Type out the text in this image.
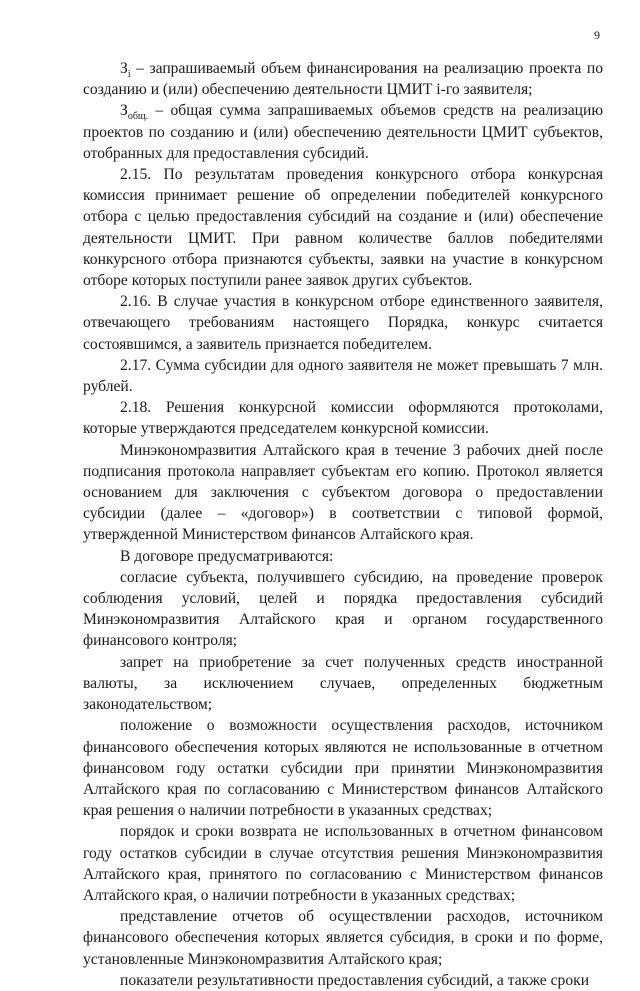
9

$З_i$ – запрашиваемый объем финансирования на реализацию проекта по созданию и (или) обеспечению деятельности ЦМИТ i-го заявителя;

$З_{общ.}$ – общая сумма запрашиваемых объемов средств на реализацию проектов по созданию и (или) обеспечению деятельности ЦМИТ субъектов, отобранных для предоставления субсидий.

2.15. По результатам проведения конкурсного отбора конкурсная комиссия принимает решение об определении победителей конкурсного отбора с целью предоставления субсидий на создание и (или) обеспечение деятельности ЦМИТ. При равном количестве баллов победителями конкурсного отбора признаются субъекты, заявки на участие в конкурсном отборе которых поступили ранее заявок других субъектов.

2.16. В случае участия в конкурсном отборе единственного заявителя, отвечающего требованиям настоящего Порядка, конкурс считается состоявшимся, а заявитель признается победителем.

2.17. Сумма субсидии для одного заявителя не может превышать 7 млн. рублей.

2.18. Решения конкурсной комиссии оформляются протоколами, которые утверждаются председателем конкурсной комиссии.

Минэкономразвития Алтайского края в течение 3 рабочих дней после подписания протокола направляет субъектам его копию. Протокол является основанием для заключения с субъектом договора о предоставлении субсидии (далее – «договор») в соответствии с типовой формой, утвержденной Министерством финансов Алтайского края.

В договоре предусматриваются:

согласие субъекта, получившего субсидию, на проведение проверок соблюдения условий, целей и порядка предоставления субсидий Минэкономразвития Алтайского края и органом государственного финансового контроля;

запрет на приобретение за счет полученных средств иностранной валюты, за исключением случаев, определенных бюджетным законодательством;

положение о возможности осуществления расходов, источником финансового обеспечения которых являются не использованные в отчетном финансовом году остатки субсидии при принятии Минэкономразвития Алтайского края по согласованию с Министерством финансов Алтайского края решения о наличии потребности в указанных средствах;

порядок и сроки возврата не использованных в отчетном финансовом году остатков субсидии в случае отсутствия решения Минэкономразвития Алтайского края, принятого по согласованию с Министерством финансов Алтайского края, о наличии потребности в указанных средствах;

представление отчетов об осуществлении расходов, источником финансового обеспечения которых является субсидия, в сроки и по форме, установленные Минэкономразвития Алтайского края;

показатели результативности предоставления субсидий, а также сроки
